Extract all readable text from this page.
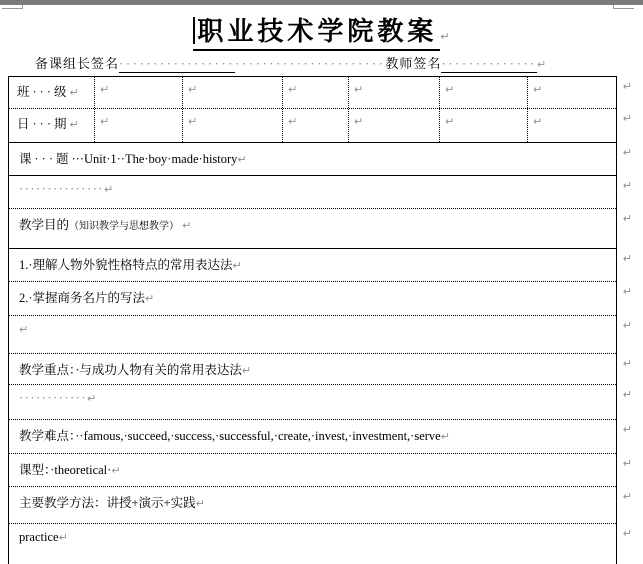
职业技术学院教案 ↵
备课组长签名·······································教师签名··············↵
班···级↵	↵	↵	↵	↵	↵	↵	↵
日···期↵	↵	↵	↵	↵	↵	↵	↵
课···题···Unit·1··The·boy·made·history↵
↵
···············↵	↵
教学目的（知识教学与思想教学） ↵
↵
1.·理解人物外貌性格特点的常用表达法↵
↵
2.·掌握商务名片的写法↵
↵
↵	↵
教学重点：·与成功人物有关的常用表达法↵
↵
············↵	↵
教学难点：··famous,·succeed,·success,·successful,·create,·invest,·investment,·serve↵
↵
课型：·theoretical·↵
↵
主要教学方法：讲授+演示+实践↵
↵
practice↵	↵
